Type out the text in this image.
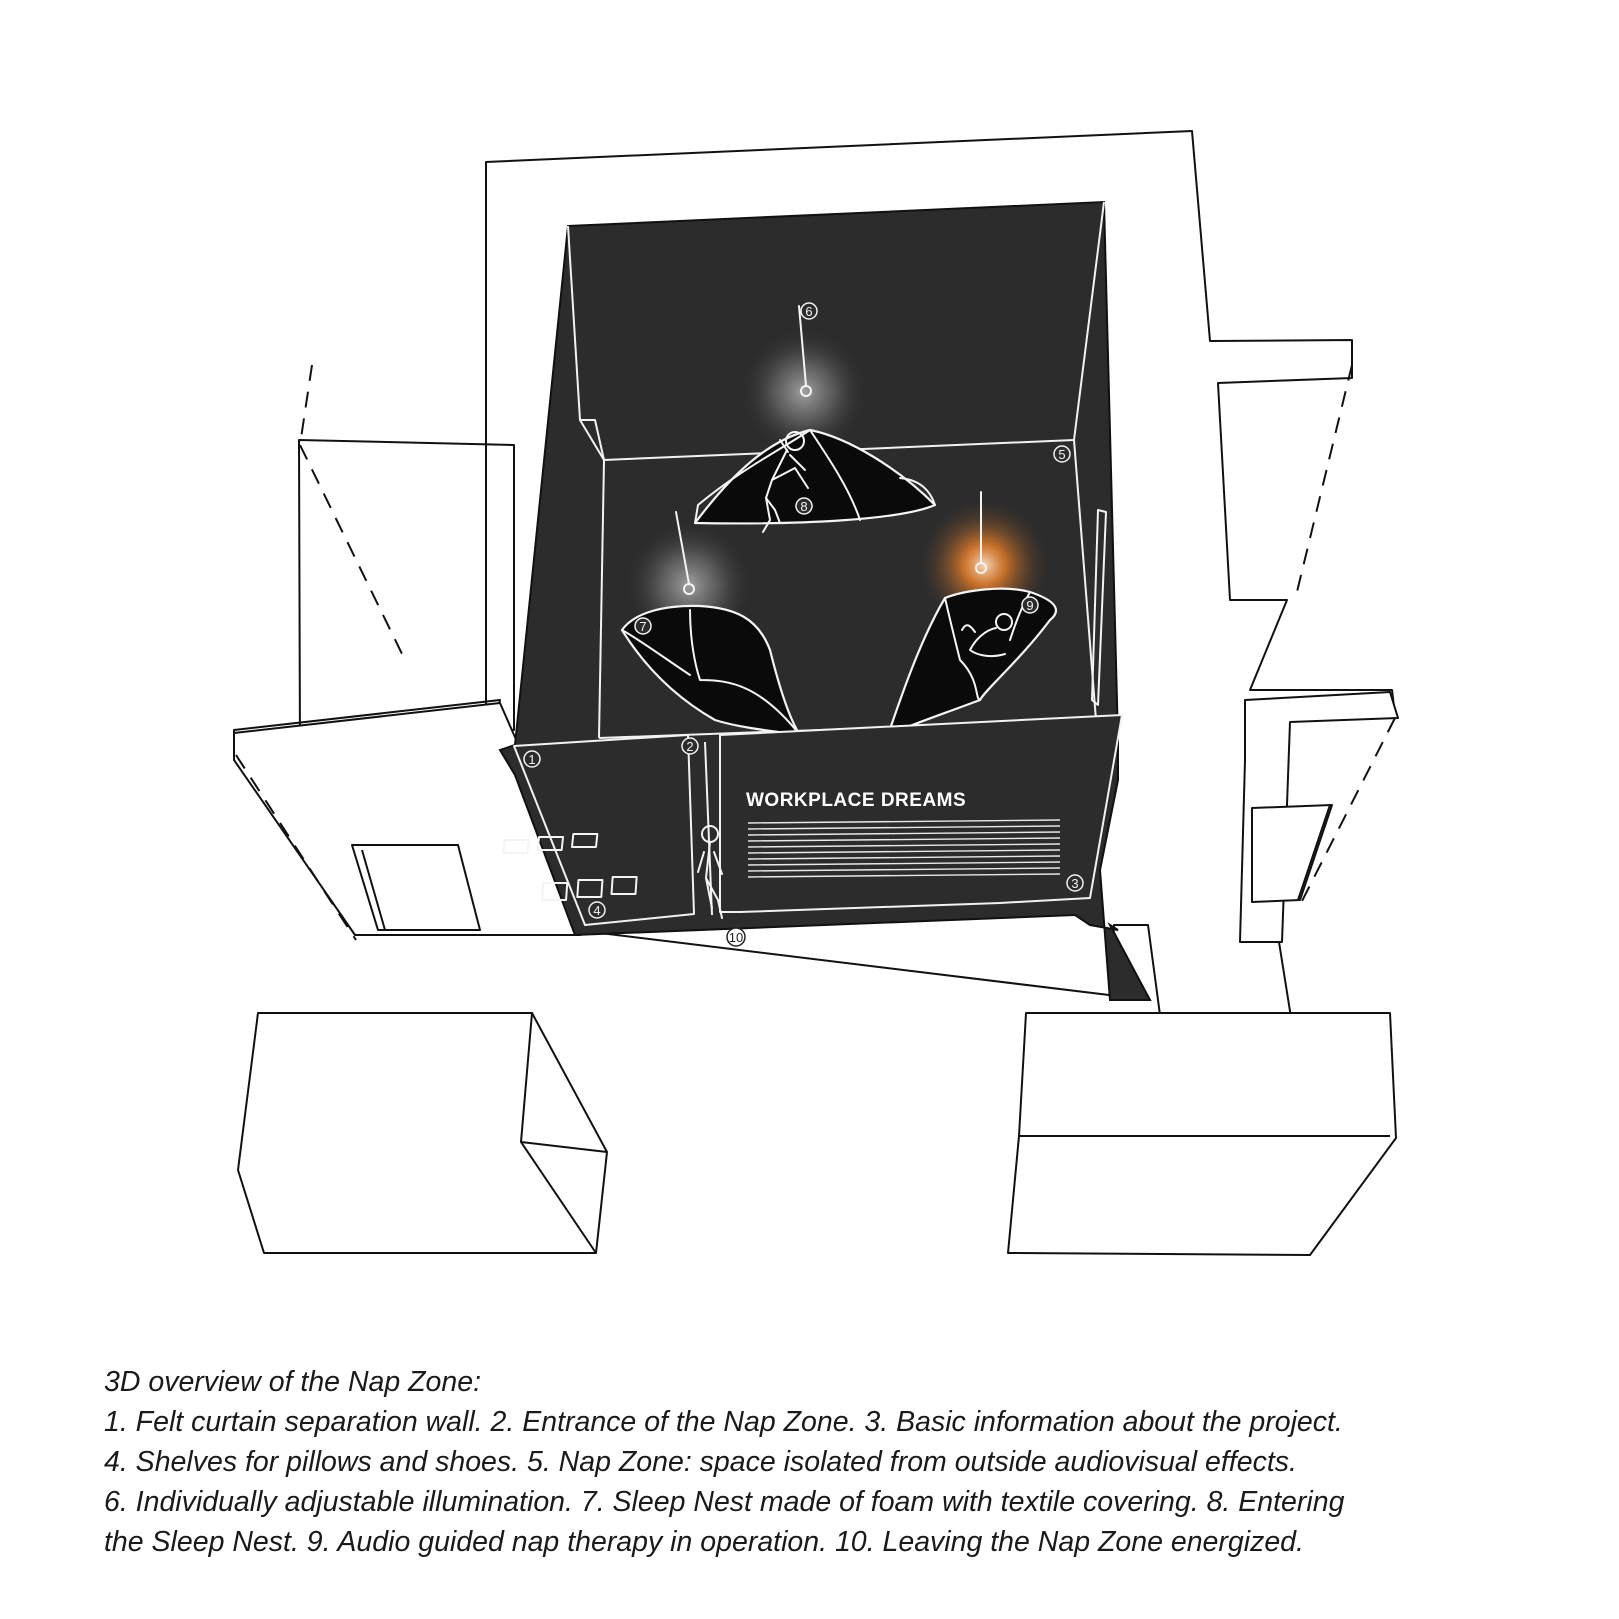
WORKPLACE DREAMS
1
2
3
4
5
6
7
8
9
10
3D overview of the Nap Zone:
1. Felt curtain separation wall. 2. Entrance of the Nap Zone. 3. Basic information about the project.
4. Shelves for pillows and shoes. 5. Nap Zone: space isolated from outside audiovisual effects.
6. Individually adjustable illumination. 7. Sleep Nest made of foam with textile covering. 8. Entering
the Sleep Nest. 9. Audio guided nap therapy in operation. 10. Leaving the Nap Zone energized.
